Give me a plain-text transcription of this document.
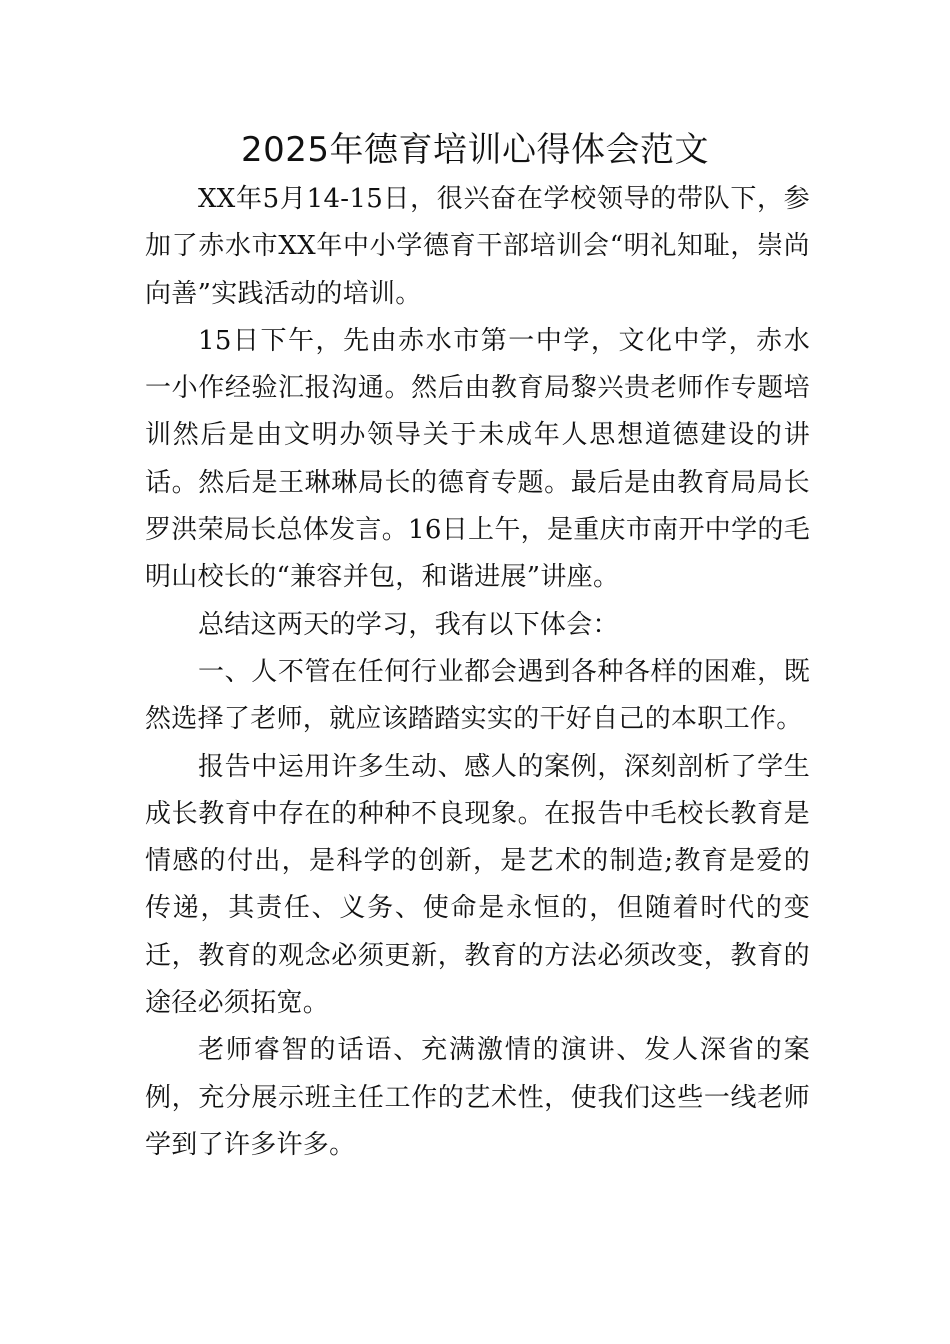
2025年德育培训心得体会范文

XX年5月14-15日，很兴奋在学校领导的带队下，参加了赤水市XX年中小学德育干部培训会“明礼知耻，崇尚向善”实践活动的培训。

15日下午，先由赤水市第一中学，文化中学，赤水一小作经验汇报沟通。然后由教育局黎兴贵老师作专题培训然后是由文明办领导关于未成年人思想道德建设的讲话。然后是王琳琳局长的德育专题。最后是由教育局局长罗洪荣局长总体发言。16日上午，是重庆市南开中学的毛明山校长的“兼容并包，和谐进展”讲座。

总结这两天的学习，我有以下体会：

一、人不管在任何行业都会遇到各种各样的困难，既然选择了老师，就应该踏踏实实的干好自己的本职工作。

报告中运用许多生动、感人的案例，深刻剖析了学生成长教育中存在的种种不良现象。在报告中毛校长教育是情感的付出，是科学的创新，是艺术的制造;教育是爱的传递，其责任、义务、使命是永恒的，但随着时代的变迁，教育的观念必须更新，教育的方法必须改变，教育的途径必须拓宽。

老师睿智的话语、充满激情的演讲、发人深省的案例，充分展示班主任工作的艺术性，使我们这些一线老师学到了许多许多。
